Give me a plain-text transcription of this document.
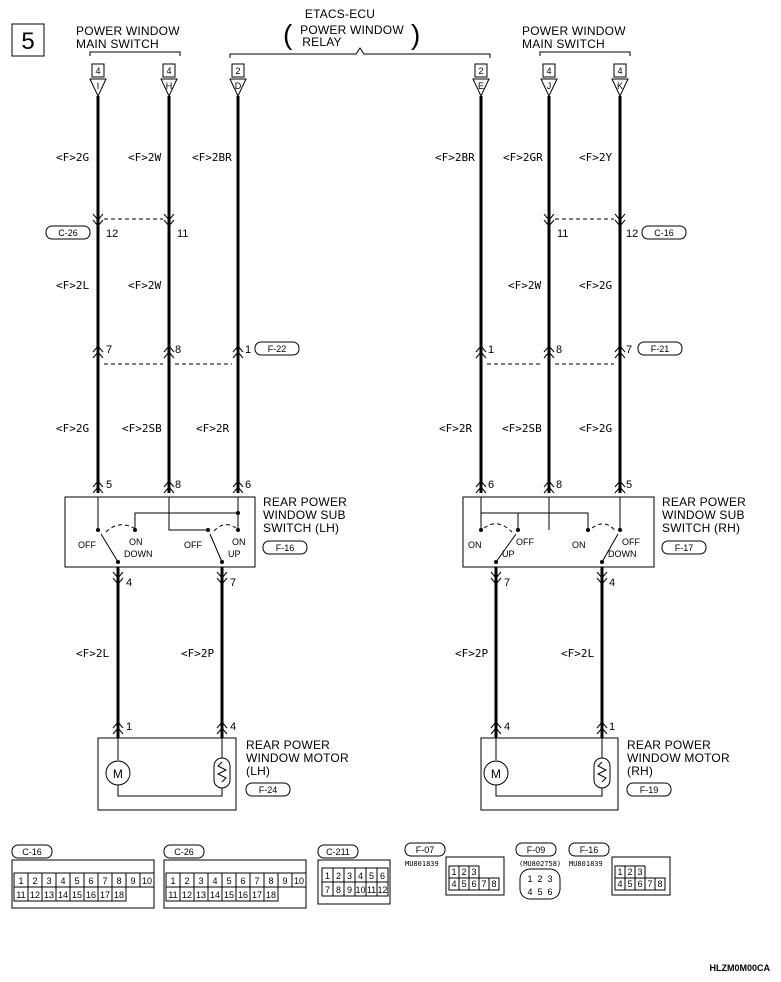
5	POWER WINDOW
MAIN SWITCH
ETACS-ECU
POWER WINDOW
RELAY
(	)	POWER WINDOW
MAIN SWITCH
4
I
4
H
2
D
2
E
4
J
4
K
<F>2G	<F>2W	<F>2BR	<F>2BR	<F>2GR	<F>2Y
C-26	12	11	11	12 C-16
<F>2L	<F>2W	<F>2W	<F>2G
7	8	1 F-22	1	8	7 F-21
<F>2G	<F>2SB	<F>2R	<F>2R	<F>2SB	<F>2G
5	8	6
OFF	ON
DOWN
OFF	ON
UP
REAR POWER
WINDOW SUB
SWITCH (LH)
F-16
6	8	5
ON	OFF
UP
ON	OFF
DOWN
REAR POWER
WINDOW SUB
SWITCH (RH)
F-17
4	7	7	4
<F>2L	<F>2P	<F>2P	<F>2L
1	4
M
REAR POWER
WINDOW MOTOR
(LH)
F-24
4	1
M
REAR POWER
WINDOW MOTOR
(RH)
F-19
C-16
1 2 3 4 5 6 7 8 9 10
11 12 13 14 15 16 17 18
C-26
1 2 3 4 5 6 7 8 9 10
11 12 13 14 15 16 17 18
C-211
1 2 3 4 5 6
7 8 9 10 11 12
F-07
MU801839
1 2 3
4 5 6 7 8
F-09
(MU802758)
1 2 3
4 5 6
F-16
MU801839
1 2 3
4 5 6 7 8
HLZM0M00CA
